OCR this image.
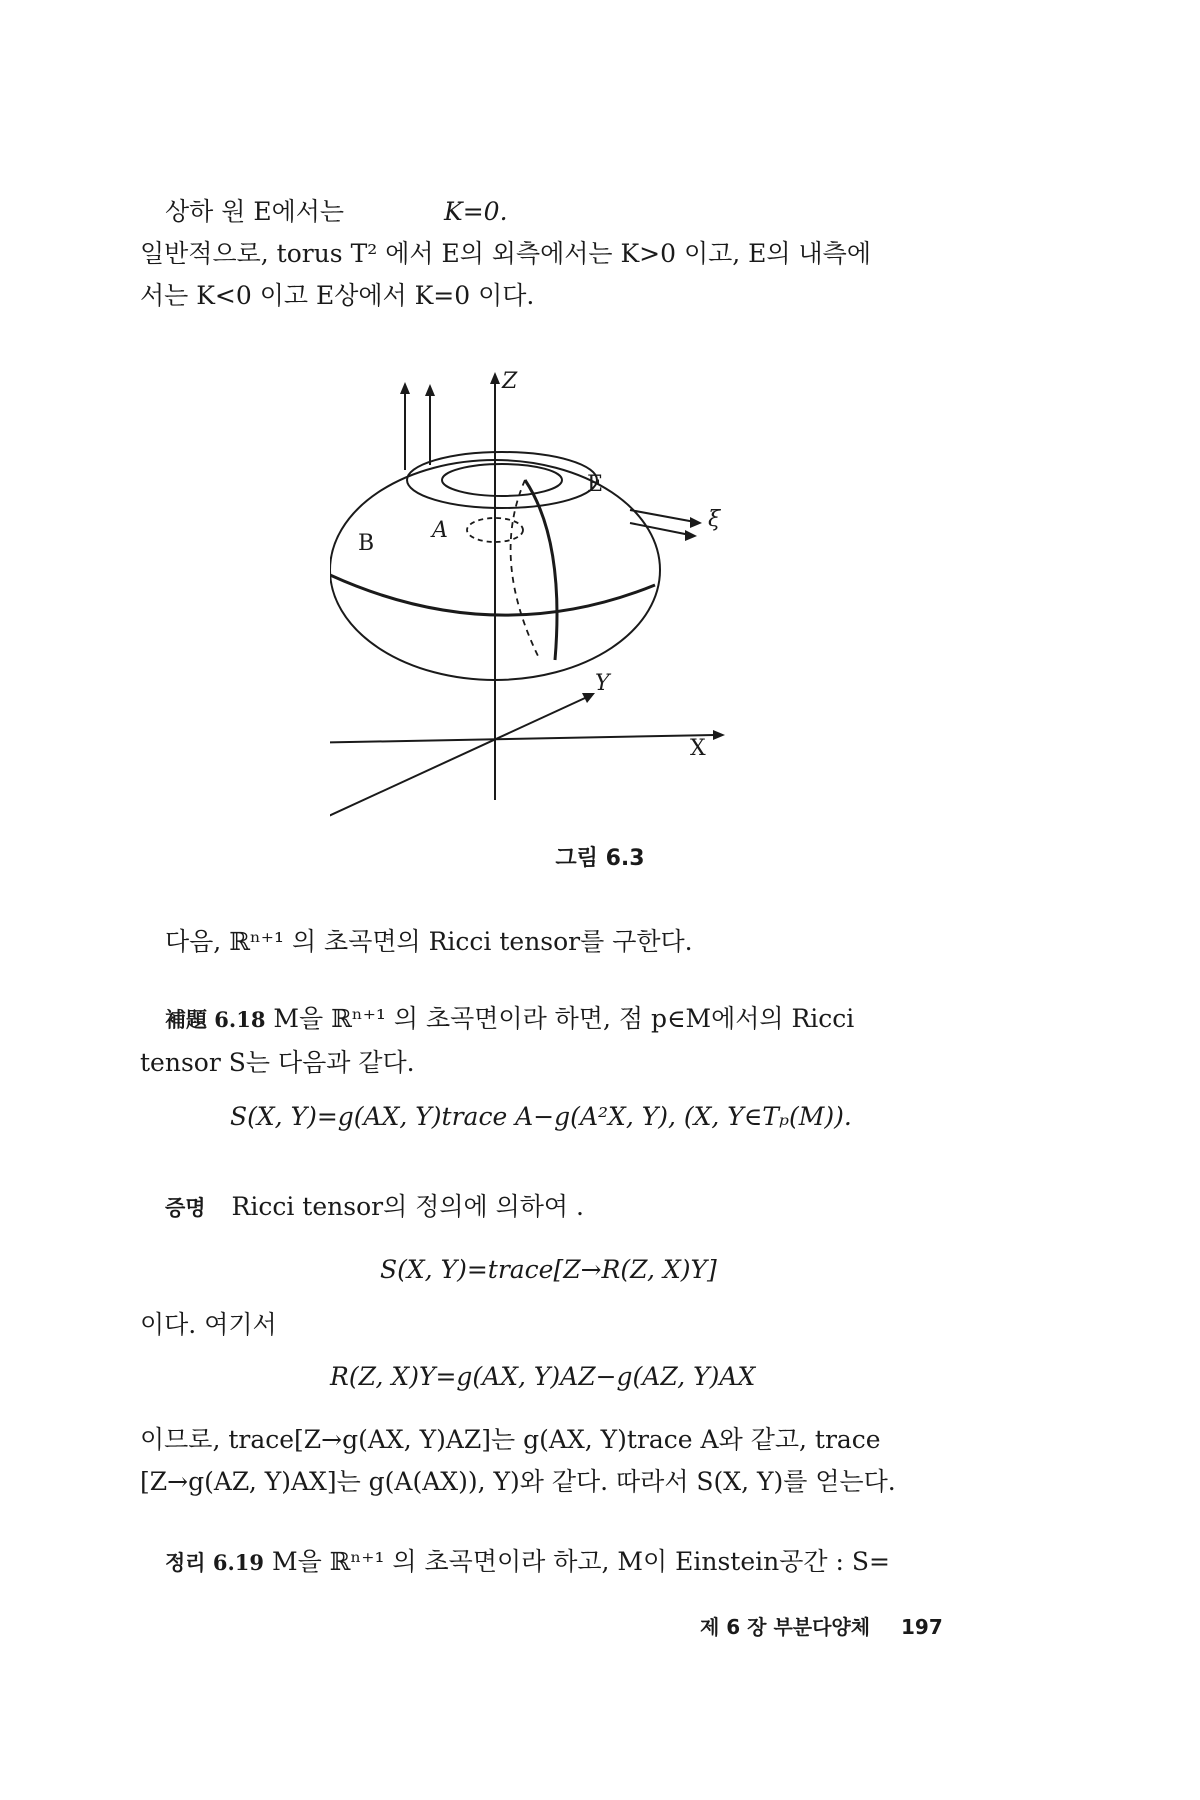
상하 원 E에서는	K=0.
일반적으로, torus T² 에서 E의 외측에서는 K>0 이고, E의 내측에
서는 K<0 이고 E상에서 K=0 이다.
Z
E
A
B
ξ
Y
X
그림 6.3
다음, ℝⁿ⁺¹ 의 초곡면의 Ricci tensor를 구한다.
補題 6.18 M을 ℝⁿ⁺¹ 의 초곡면이라 하면, 점 p∈M에서의 Ricci
tensor S는 다음과 같다.
S(X, Y)=g(AX, Y)trace A−g(A²X, Y), (X, Y∈Tₚ(M)).
증명 Ricci tensor의 정의에 의하여 .
S(X, Y)=trace[Z→R(Z, X)Y]
이다. 여기서
R(Z, X)Y=g(AX, Y)AZ−g(AZ, Y)AX
이므로, trace[Z→g(AX, Y)AZ]는 g(AX, Y)trace A와 같고, trace
[Z→g(AZ, Y)AX]는 g(A(AX)), Y)와 같다. 따라서 S(X, Y)를 얻는다.
정리 6.19 M을 ℝⁿ⁺¹ 의 초곡면이라 하고, M이 Einstein공간 : S=
제 6 장 부분다양체 197
